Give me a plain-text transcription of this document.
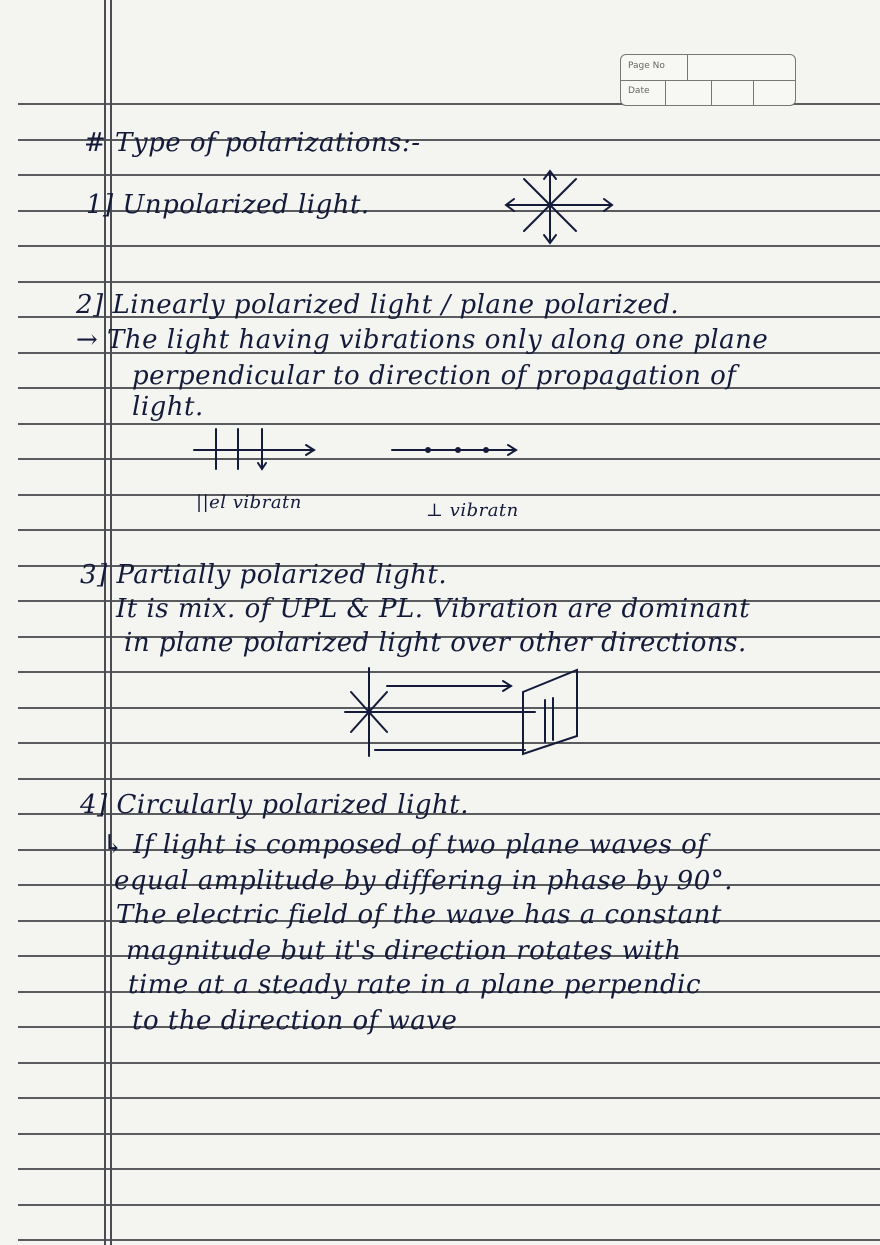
Page No
Date
# Type of polarizations:-
1] Unpolarized light.
2] Linearly polarized light / plane polarized.
→ The light having vibrations only along one plane
perpendicular to direction of propagation of
light.
||el vibratn	⊥ vibratn
3] Partially polarized light.
It is mix. of UPL & PL. Vibration are dominant
in plane polarized light over other directions.
4] Circularly polarized light.
↳ If light is composed of two plane waves of
equal amplitude by differing in phase by 90°.
The electric field of the wave has a constant
magnitude but it's direction rotates with
time at a steady rate in a plane perpendic
to the direction of wave
